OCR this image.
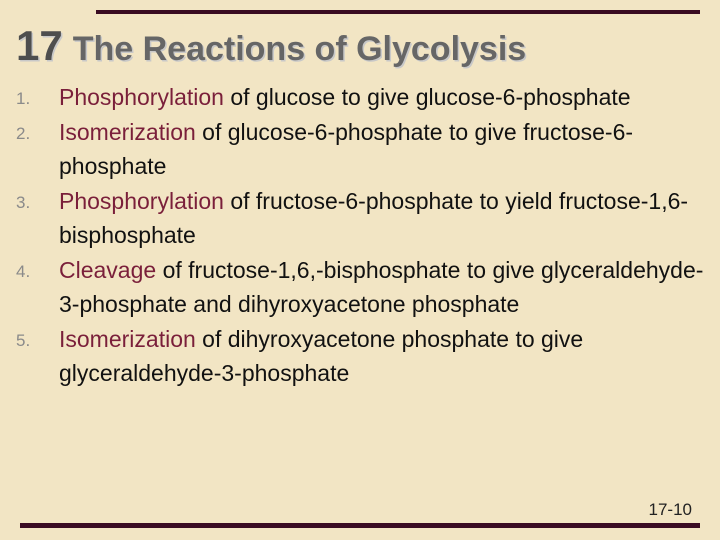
17 The Reactions of Glycolysis
1.	Phosphorylation of glucose to give glucose-6-phosphate
2.	Isomerization of glucose-6-phosphate to give fructose-6-phosphate
3.	Phosphorylation of fructose-6-phosphate to yield fructose-1,6-bisphosphate
4.	Cleavage of fructose-1,6,-bisphosphate to give glyceraldehyde-3-phosphate and dihyroxyacetone phosphate
5.	Isomerization of dihyroxyacetone phosphate to give glyceraldehyde-3-phosphate
17-10
